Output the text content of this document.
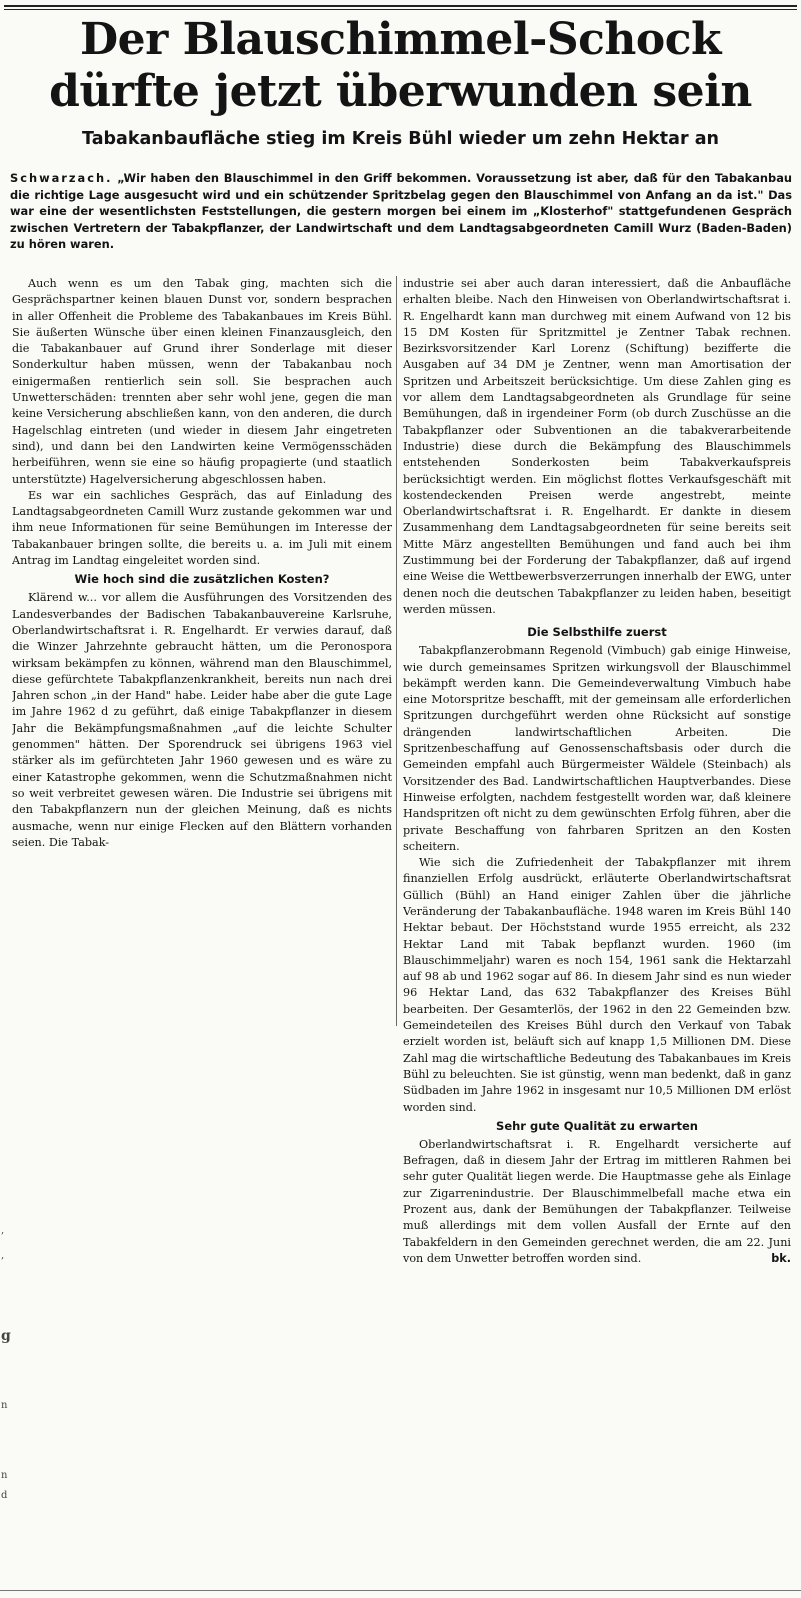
Der Blauschimmel-Schock
dürfte jetzt überwunden sein
Tabakanbaufläche stieg im Kreis Bühl wieder um zehn Hektar an

Schwarzach. „Wir haben den Blauschimmel in den Griff bekommen. Voraussetzung ist aber, daß für den Tabakanbau die richtige Lage ausgesucht wird und ein schützender Spritzbelag gegen den Blauschimmel von Anfang an da ist." Das war eine der wesentlichsten Feststellungen, die gestern morgen bei einem im „Klosterhof" stattgefundenen Gespräch zwischen Vertretern der Tabakpflanzer, der Landwirtschaft und dem Landtagsabgeordneten Camill Wurz (Baden-Baden) zu hören waren.

Auch wenn es um den Tabak ging, machten sich die Gesprächspartner keinen blauen Dunst vor, sondern besprachen in aller Offenheit die Probleme des Tabakanbaues im Kreis Bühl. Sie äußerten Wünsche über einen kleinen Finanzausgleich, den die Tabakanbauer auf Grund ihrer Sonderlage mit dieser Sonderkultur haben müssen, wenn der Tabakanbau noch einigermaßen rentierlich sein soll. Sie besprachen auch Unwetterschäden: trennten aber sehr wohl jene, gegen die man keine Versicherung abschließen kann, von den anderen, die durch Hagelschlag eintreten (und wieder in diesem Jahr eingetreten sind), und dann bei den Landwirten keine Vermögensschäden herbeiführen, wenn sie eine so häufig propagierte (und staatlich unterstützte) Hagelversicherung abgeschlossen haben.

Es war ein sachliches Gespräch, das auf Einladung des Landtagsabgeordneten Camill Wurz zustande gekommen war und ihm neue Informationen für seine Bemühungen im Interesse der Tabakanbauer bringen sollte, die bereits u. a. im Juli mit einem Antrag im Landtag eingeleitet worden sind.

Wie hoch sind die zusätzlichen Kosten?

Klärend w... vor allem die Ausführungen des Vorsitzenden des Landesverbandes der Badischen Tabakanbauvereine Karlsruhe, Oberlandwirtschaftsrat i. R. Engelhardt. Er verwies darauf, daß die Winzer Jahrzehnte gebraucht hätten, um die Peronospora wirksam bekämpfen zu können, während man den Blauschimmel, diese gefürchtete Tabakpflanzenkrankheit, bereits nun nach drei Jahren schon „in der Hand" habe. Leider habe aber die gute Lage im Jahre 1962 d zu geführt, daß einige Tabakpflanzer in diesem Jahr die Bekämpfungsmaßnahmen „auf die leichte Schulter genommen" hätten. Der Sporendruck sei übrigens 1963 viel stärker als im gefürchteten Jahr 1960 gewesen und es wäre zu einer Katastrophe gekommen, wenn die Schutzmaßnahmen nicht so weit verbreitet gewesen wären. Die Industrie sei übrigens mit den Tabakpflanzern nun der gleichen Meinung, daß es nichts ausmache, wenn nur einige Flecken auf den Blättern vorhanden seien. Die Tabak-

industrie sei aber auch daran interessiert, daß die Anbaufläche erhalten bleibe. Nach den Hinweisen von Oberlandwirtschaftsrat i. R. Engelhardt kann man durchweg mit einem Aufwand von 12 bis 15 DM Kosten für Spritzmittel je Zentner Tabak rechnen. Bezirksvorsitzender Karl Lorenz (Schiftung) bezifferte die Ausgaben auf 34 DM je Zentner, wenn man Amortisation der Spritzen und Arbeitszeit berücksichtige. Um diese Zahlen ging es vor allem dem Landtagsabgeordneten als Grundlage für seine Bemühungen, daß in irgendeiner Form (ob durch Zuschüsse an die Tabakpflanzer oder Subventionen an die tabakverarbeitende Industrie) diese durch die Bekämpfung des Blauschimmels entstehenden Sonderkosten beim Tabakverkaufspreis berücksichtigt werden. Ein möglichst flottes Verkaufsgeschäft mit kostendeckenden Preisen werde angestrebt, meinte Oberlandwirtschaftsrat i. R. Engelhardt. Er dankte in diesem Zusammenhang dem Landtagsabgeordneten für seine bereits seit Mitte März angestellten Bemühungen und fand auch bei ihm Zustimmung bei der Forderung der Tabakpflanzer, daß auf irgend eine Weise die Wettbewerbsverzerrungen innerhalb der EWG, unter denen noch die deutschen Tabakpflanzer zu leiden haben, beseitigt werden müssen.

Die Selbsthilfe zuerst

Tabakpflanzerobmann Regenold (Vimbuch) gab einige Hinweise, wie durch gemeinsames Spritzen wirkungsvoll der Blauschimmel bekämpft werden kann. Die Gemeindeverwaltung Vimbuch habe eine Motorspritze beschafft, mit der gemeinsam alle erforderlichen Spritzungen durchgeführt werden ohne Rücksicht auf sonstige drängenden landwirtschaftlichen Arbeiten. Die Spritzenbeschaffung auf Genossenschaftsbasis oder durch die Gemeinden empfahl auch Bürgermeister Wäldele (Steinbach) als Vorsitzender des Bad. Landwirtschaftlichen Hauptverbandes. Diese Hinweise erfolgten, nachdem festgestellt worden war, daß kleinere Handspritzen oft nicht zu dem gewünschten Erfolg führen, aber die private Beschaffung von fahrbaren Spritzen an den Kosten scheitern.

Wie sich die Zufriedenheit der Tabakpflanzer mit ihrem finanziellen Erfolg ausdrückt, erläuterte Oberlandwirtschaftsrat Güllich (Bühl) an Hand einiger Zahlen über die jährliche Veränderung der Tabakanbaufläche. 1948 waren im Kreis Bühl 140 Hektar bebaut. Der Höchststand wurde 1955 erreicht, als 232 Hektar Land mit Tabak bepflanzt wurden. 1960 (im Blauschimmeljahr) waren es noch 154, 1961 sank die Hektarzahl auf 98 ab und 1962 sogar auf 86. In diesem Jahr sind es nun wieder 96 Hektar Land, das 632 Tabakpflanzer des Kreises Bühl bearbeiten. Der Gesamterlös, der 1962 in den 22 Gemeinden bzw. Gemeindeteilen des Kreises Bühl durch den Verkauf von Tabak erzielt worden ist, beläuft sich auf knapp 1,5 Millionen DM. Diese Zahl mag die wirtschaftliche Bedeutung des Tabakanbaues im Kreis Bühl zu beleuchten. Sie ist günstig, wenn man bedenkt, daß in ganz Südbaden im Jahre 1962 in insgesamt nur 10,5 Millionen DM erlöst worden sind.

Sehr gute Qualität zu erwarten

Oberlandwirtschaftsrat i. R. Engelhardt versicherte auf Befragen, daß in diesem Jahr der Ertrag im mittleren Rahmen bei sehr guter Qualität liegen werde. Die Hauptmasse gehe als Einlage zur Zigarrenindustrie. Der Blauschimmelbefall mache etwa ein Prozent aus, dank der Bemühungen der Tabakpflanzer. Teilweise muß allerdings mit dem vollen Ausfall der Ernte auf den Tabakfeldern in den Gemeinden gerechnet werden, die am 22. Juni von dem Unwetter betroffen worden sind.	bk.

,
,
g
n
n
d
